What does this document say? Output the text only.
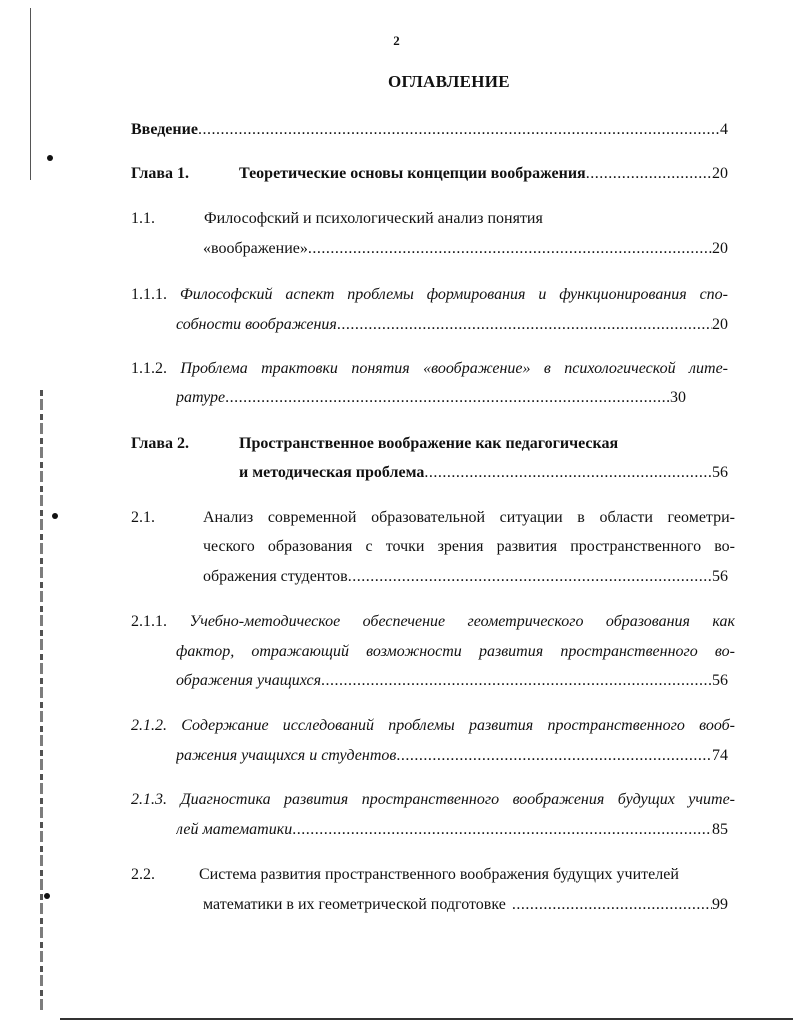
2
ОГЛАВЛЕНИЕ
Введение .....	4
Глава 1.	Теоретические основы концепции воображения .....	20
1.1.	Философский и психологический анализ понятия
«воображение» .....	20
1.1.1. Философский аспект проблемы формирования и функционирования спо-
собности воображения .....	20
1.1.2. Проблема трактовки понятия «воображение» в психологической лите-
ратуре .....	30
Глава 2.	Пространственное воображение как педагогическая
и методическая проблема .....	56
2.1.	Анализ современной образовательной ситуации в области геометри-
ческого образования с точки зрения развития пространственного во-
ображения студентов .....	56
2.1.1. Учебно-методическое обеспечение геометрического образования как
фактор, отражающий возможности развития пространственного во-
ображения учащихся .....	56
2.1.2. Содержание исследований проблемы развития пространственного вооб-
ражения учащихся и студентов .....	74
2.1.3. Диагностика развития пространственного воображения будущих учите-
лей математики .....	85
2.2.	Система развития пространственного воображения будущих учителей
математики в их геометрической подготовке .....	99
